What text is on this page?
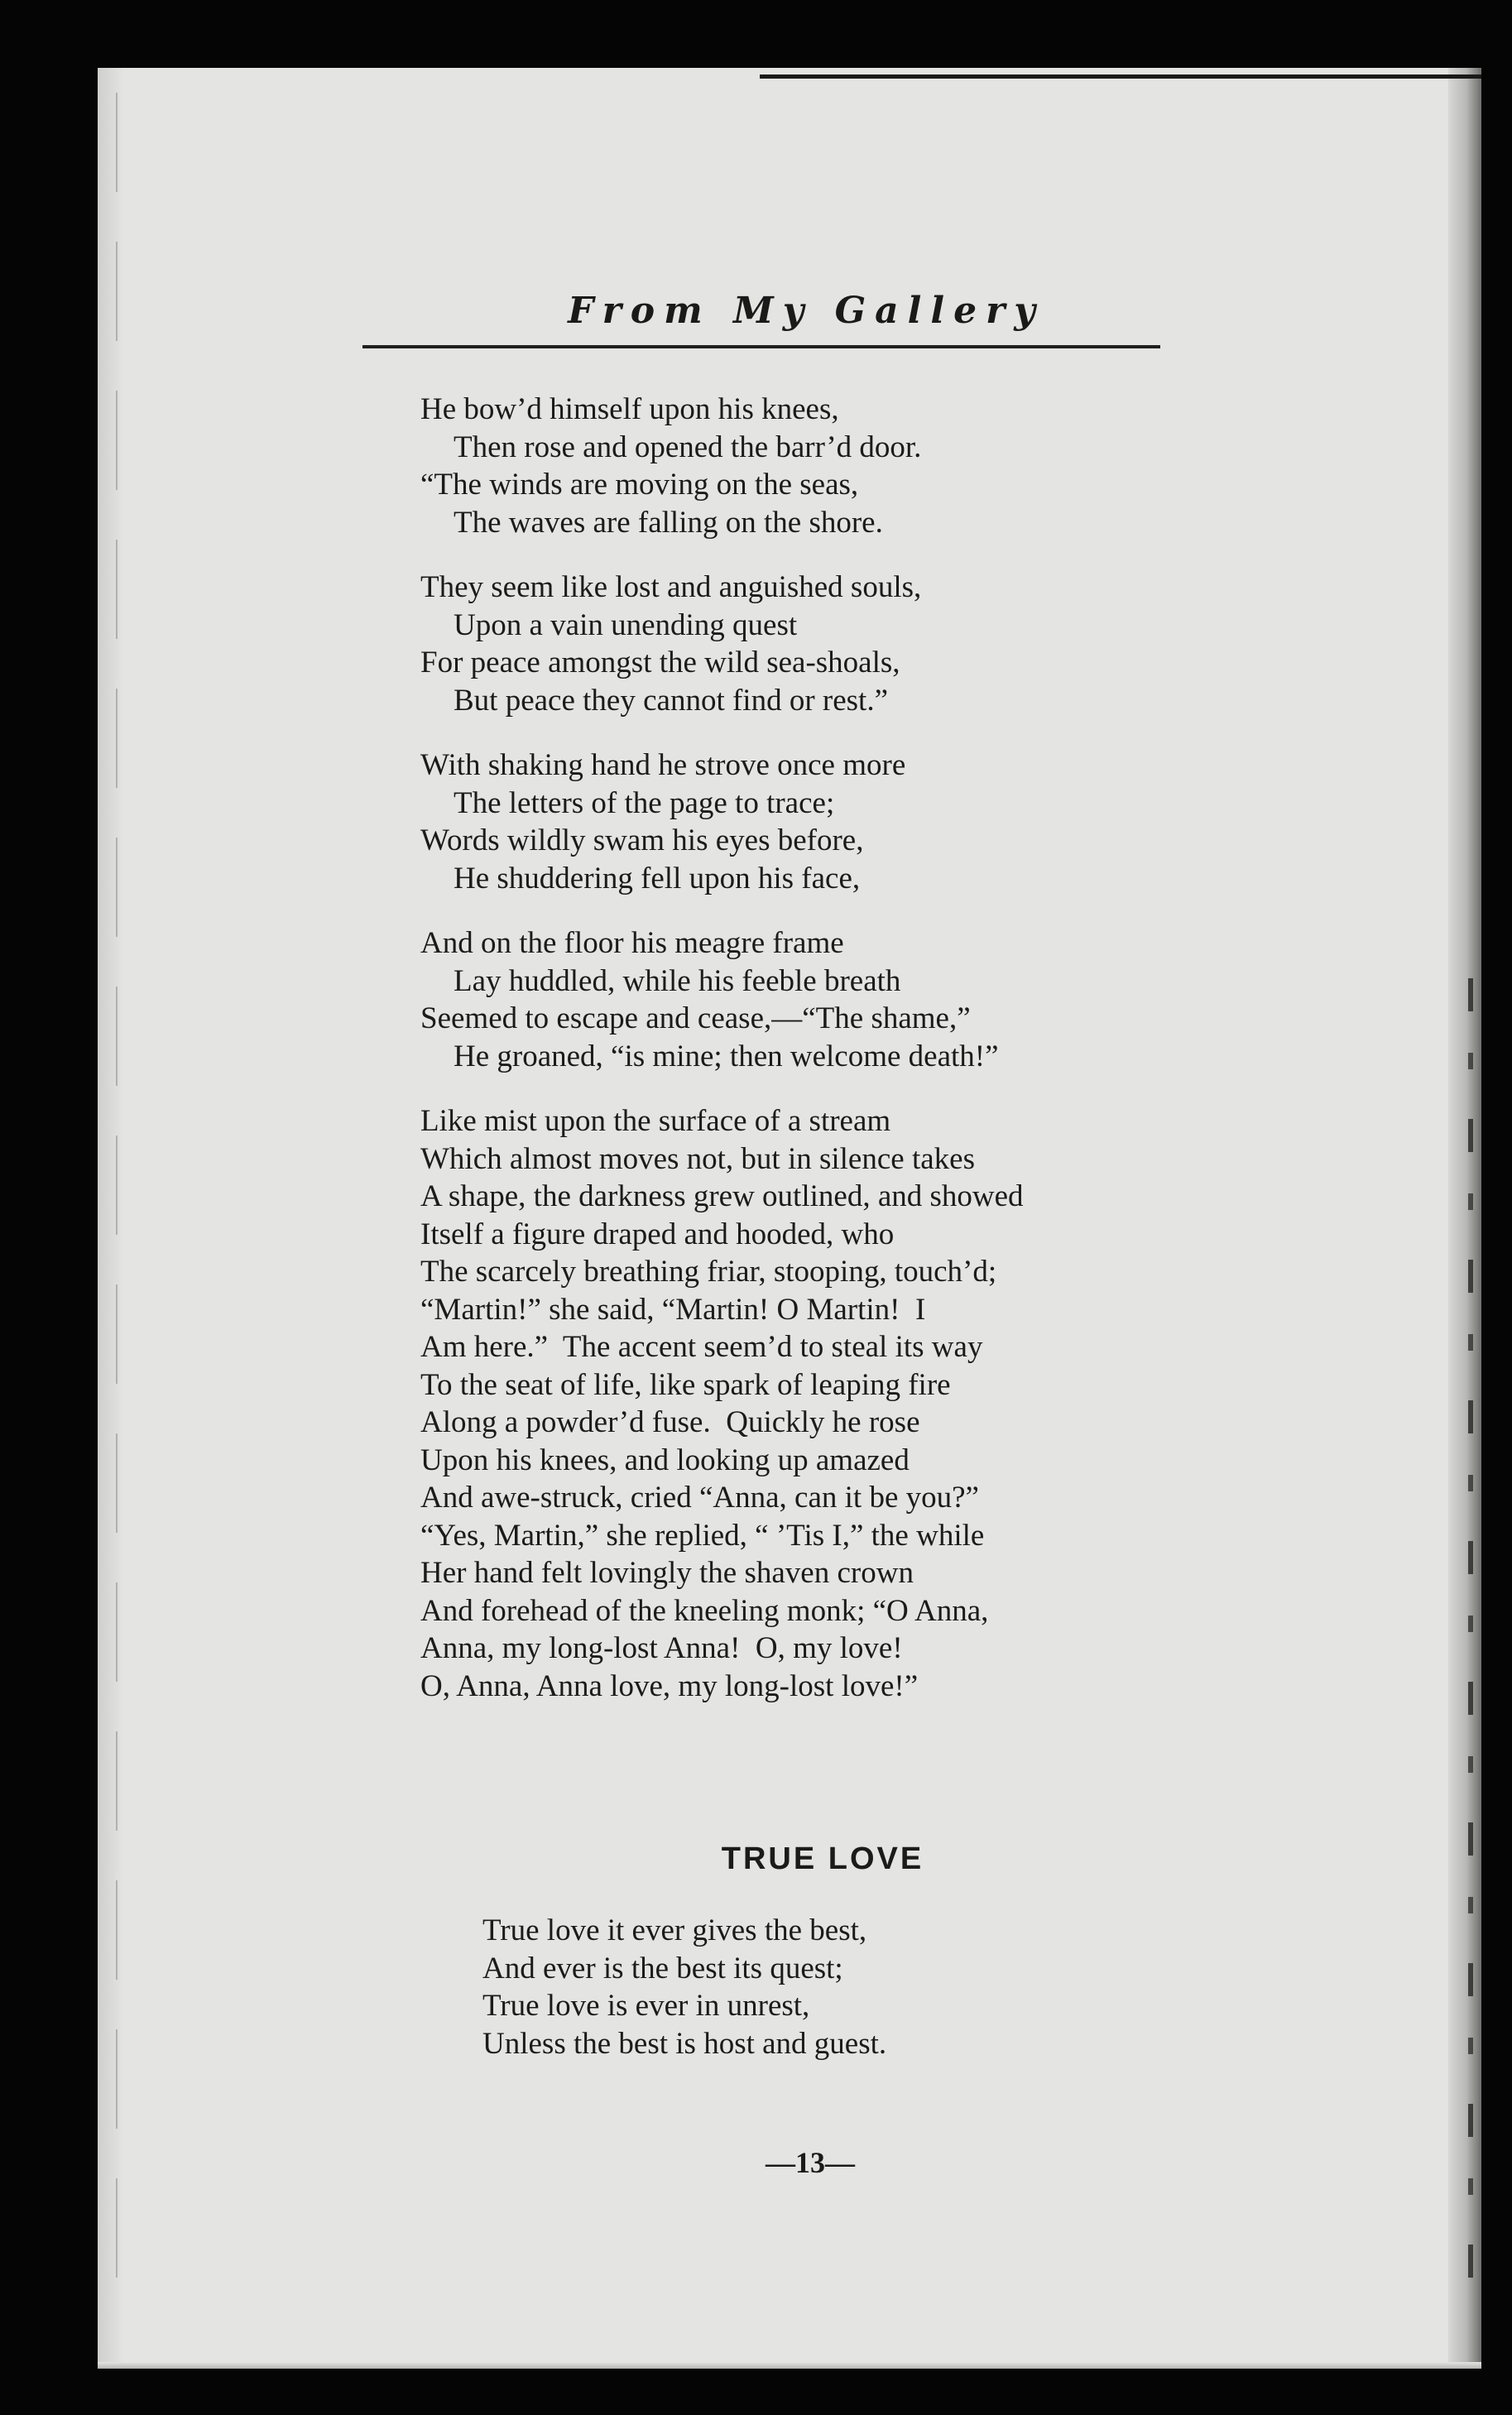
From My Gallery
He bow’d himself upon his knees,
Then rose and opened the barr’d door.
“The winds are moving on the seas,
The waves are falling on the shore.
They seem like lost and anguished souls,
Upon a vain unending quest
For peace amongst the wild sea-shoals,
But peace they cannot find or rest.”
With shaking hand he strove once more
The letters of the page to trace;
Words wildly swam his eyes before,
He shuddering fell upon his face,
And on the floor his meagre frame
Lay huddled, while his feeble breath
Seemed to escape and cease,—“The shame,”
He groaned, “is mine; then welcome death!”
Like mist upon the surface of a stream
Which almost moves not, but in silence takes
A shape, the darkness grew outlined, and showed
Itself a figure draped and hooded, who
The scarcely breathing friar, stooping, touch’d;
“Martin!” she said, “Martin! O Martin!  I
Am here.”  The accent seem’d to steal its way
To the seat of life, like spark of leaping fire
Along a powder’d fuse.  Quickly he rose
Upon his knees, and looking up amazed
And awe-struck, cried “Anna, can it be you?”
“Yes, Martin,” she replied, “ ’Tis I,” the while
Her hand felt lovingly the shaven crown
And forehead of the kneeling monk; “O Anna,
Anna, my long-lost Anna!  O, my love!
O, Anna, Anna love, my long-lost love!”
TRUE LOVE
True love it ever gives the best,
And ever is the best its quest;
True love is ever in unrest,
Unless the best is host and guest.
—13—
